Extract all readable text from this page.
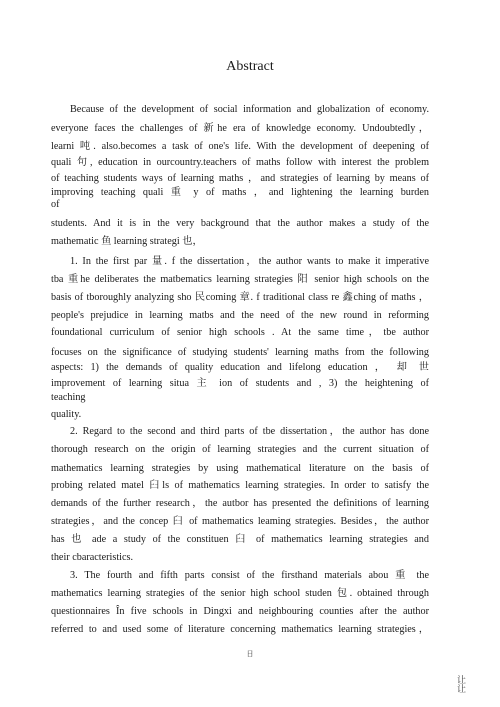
Abstract
Because of the development of social information and globalization of economy.
everyone faces the challenges of 新he era of knowledge economy. Undoubtedly，
learni 吨. also.becomes a task of one's life. With the development of deepening of
quali 句, education in ourcountry.teachers of maths follow with interest the problem
of teaching students ways of learning maths ，and strategies of learning by means of
improving teaching quali 重 y of maths ，and lightening the learning burden
of
students. And it is in the very background that the author makes a study of the
mathematic 鱼 learning strategi 也，
1. In the first par 量. f the dissertation，the author wants to make it imperative
tba 重he deliberates the matbematics learning strategies 阳 senior high schools on the
basis of tboroughly analyzing sho 民coming 章. f traditional class re 鑫ching of maths ，
people's prejudice in learning matbs and the need of the new round in reforming
foundational curriculum of senior high schools . At the same time，tbe author
focuses on the significance of studying students' learning maths from the following
aspects: 1) the demands of quality education and lifelong education ， 却 世
improvement of learning situa 主 ion of students and , 3) the heightening of
teaching
quality.
2. Regard to the second and third parts of tbe dissertation，the author has done
thorough research on the origin of learning strategies and the current situation of
mathematics learning strategies by using mathematical literature on the basis of
probing related matel 臼ls of mathematics learning strategies. In order to satisfy the
demands of the further research，the autbor has presented the definitions of learning
strategies，and the concep 臼 of mathematics leaming strategies. Besides，the author
has 也 ade a study of the constituen 臼 of mathematics learning strategies and
their cbaracteristics.
3. The fourth and fifth parts consist of the firsthand materials abou 重 the
mathematics learning strategies of the senior high school studen 包. obtained through
questionnaires În five schools in Dingxi and neighbouring counties after the author
referred to and used some of literature concerning mathematics learning strategies，
日
让让
